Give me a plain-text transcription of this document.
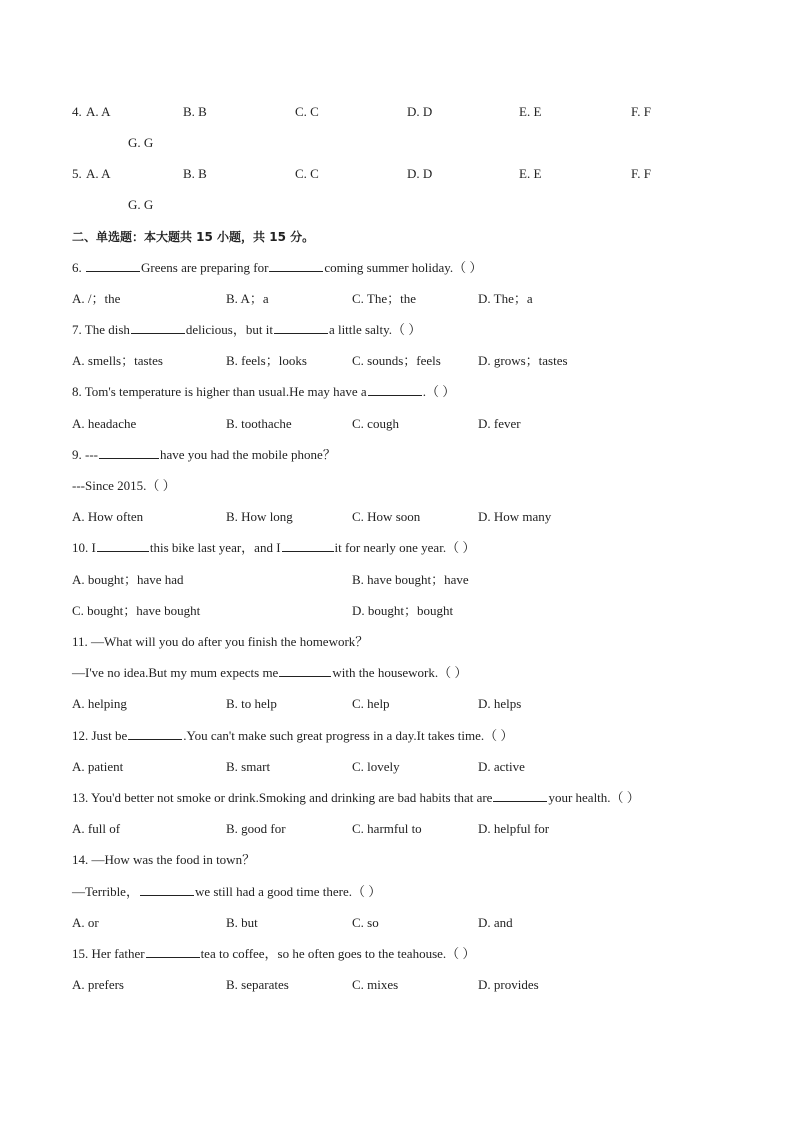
4. A. A	B. B	C. C	D. D	E. E	F. F
G. G
5. A. A	B. B	C. C	D. D	E. E	F. F
G. G
二、单选题：本大题共 15 小题，共 15 分。
6.	Greens are preparing for	coming summer holiday.（ ）
A. /；the	B. A；a	C. The；the	D. The；a
7. The dish	delicious，but it	a little salty.（ ）
A. smells；tastes	B. feels；looks	C. sounds；feels	D. grows；tastes
8. Tom's temperature is higher than usual.He may have a	.（ ）
A. headache	B. toothache	C. cough	D. fever
9. ---	have you had the mobile phone？
---Since 2015.（ ）
A. How often	B. How long	C. How soon	D. How many
10. I	this bike last year，and I	it for nearly one year.（ ）
A. bought；have had	B. have bought；have
C. bought；have bought	D. bought；bought
11. —What will you do after you finish the homework？
—I've no idea.But my mum expects me	with the housework.（ ）
A. helping	B. to help	C. help	D. helps
12. Just be	.You can't make such great progress in a day.It takes time.（ ）
A. patient	B. smart	C. lovely	D. active
13. You'd better not smoke or drink.Smoking and drinking are bad habits that are	your health.（ ）
A. full of	B. good for	C. harmful to	D. helpful for
14. —How was the food in town？
—Terrible，	we still had a good time there.（ ）
A. or	B. but	C. so	D. and
15. Her father	tea to coffee，so he often goes to the teahouse.（ ）
A. prefers	B. separates	C. mixes	D. provides
